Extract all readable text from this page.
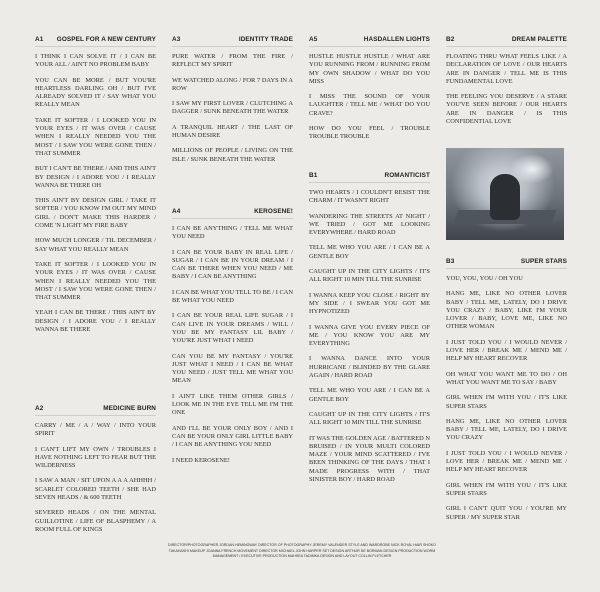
A1 GOSPEL FOR A NEW CENTURY

I THINK I CAN SOLVE IT / I CAN BE YOUR ALL / AIN'T NO PROBLEM BABY

YOU CAN BE MORE / BUT YOU'RE HEARTLESS DARLING OH / BUT I'VE ALREADY SOLVED IT / SAY WHAT YOU REALLY MEAN

TAKE IT SOFTER / I LOOKED YOU IN YOUR EYES / IT WAS OVER / CAUSE WHEN I REALLY NEEDED YOU THE MOST / I SAW YOU WERE GONE THEN / THAT SUMMER

BUT I CAN'T BE THERE / AND THIS AIN'T BY DESIGN / I ADORE YOU / I REALLY WANNA BE THERE OH

THIS AIN'T BY DESIGN GIRL / TAKE IT SOFTER / YOU KNOW I'M OUT MY MIND GIRL / DON'T MAKE THIS HARDER / COME 'N LIGHT MY FIRE BABY

HOW MUCH LONGER / TIL DECEMBER / SAY WHAT YOU REALLY MEAN

TAKE IT SOFTER / I LOOKED YOU IN YOUR EYES / IT WAS OVER / CAUSE WHEN I REALLY NEEDED YOU THE MOST / I SAW YOU WERE GONE THEN / THAT SUMMER

YEAH I CAN BE THERE / THIS AIN'T BY DESIGN / I ADORE YOU / I REALLY WANNA BE THERE

A2	MEDICINE BURN

CARRY / ME / A / WAY / INTO YOUR SPIRIT

I CAN'T LIFT MY OWN / TROUBLES I HAVE NOTHING LEFT TO FEAR BUT THE WILDERNESS

I SAW A MAN / SIT UPON A A A AHHHH / SCARLET COLORED TEETH / SHE HAD SEVEN HEADS / & 600 TEETH

SEVERED HEADS / ON THE MENTAL GUILLOTINE / LIFE OF BLASPHEMY / A ROOM FULL OF KINGS

A3	IDENTITY TRADE

PURE WATER / FROM THE FIRE / REFLECT MY SPIRIT

WE WATCHED ALONG / FOR 7 DAYS IN A ROW

I SAW MY FIRST LOVER / CLUTCHING A DAGGER / SUNK BENEATH THE WATER

A TRANQUIL HEART / THE LAST OF HUMAN DESIRE

MILLIONS OF PEOPLE / LIVING ON THE ISLE / SUNK BENEATH THE WATER

A4	KEROSENE!

I CAN BE ANYTHING / TELL ME WHAT YOU NEED

I CAN BE YOUR BABY IN REAL LIFE / SUGAR / I CAN BE IN YOUR DREAM / I CAN BE THERE WHEN YOU NEED / ME BABY / I CAN BE ANYTHING

I CAN BE WHAT YOU TELL TO BE / I CAN BE WHAT YOU NEED

I CAN BE YOUR REAL LIFE SUGAR / I CAN LIVE IN YOUR DREAMS / WILL / YOU BE MY FANTASY LIL BABY / YOU'RE JUST WHAT I NEED

CAN YOU BE MY FANTASY / YOU'RE JUST WHAT I NEED / I CAN BE WHAT YOU NEED / JUST TELL ME WHAT YOU MEAN

I AIN'T LIKE THEM OTHER GIRLS / LOOK ME IN THE EYE TELL ME I'M THE ONE

AND I'LL BE YOUR ONLY BOY / AND I CAN BE YOUR ONLY GIRL LITTLE BABY / I CAN BE ANYTHING YOU NEED

I NEED KEROSENE!

A5	HASDALLEN LIGHTS

HUSTLE HUSTLE HUSTLE / WHAT ARE YOU RUNNING FROM / RUNNING FROM MY OWN SHADOW / WHAT DO YOU MISS

I MISS THE SOUND OF YOUR LAUGHTER / TELL ME / WHAT DO YOU CRAVE?

HOW DO YOU FEEL / TROUBLE TROUBLE TROUBLE

B1	ROMANTICIST

TWO HEARTS / I COULDN'T RESIST THE CHARM / IT WASN'T RIGHT

WANDERING THE STREETS AT NIGHT / WE TRIED / GOT ME LOOKING EVERYWHERE / HARD ROAD

TELL ME WHO YOU ARE / I CAN BE A GENTLE BOY

CAUGHT UP IN THE CITY LIGHTS / IT'S ALL RIGHT 10 MIN TILL THE SUNRISE

I WANNA KEEP YOU CLOSE / RIGHT BY MY SIDE / I SWEAR YOU GOT ME HYPNOTIZED

I WANNA GIVE YOU EVERY PIECE OF ME / YOU KNOW YOU ARE MY EVERYTHING

I WANNA DANCE INTO YOUR HURRICANE / BLINDED BY THE GLARE AGAIN / HARD ROAD

TELL ME WHO YOU ARE / I CAN BE A GENTLE BOY

CAUGHT UP IN THE CITY LIGHTS / IT'S ALL RIGHT 10 MIN TILL THE SUNRISE

IT WAS THE GOLDEN AGE / BATTERED N BRUISED / IN YOUR MULTI COLORED MAZE / YOUR MIND SCATTERED / I'VE BEEN THINKING OF THE DAYS / THAT I MADE PROGRESS WITH / THAT SINISTER BOY / HARD ROAD

B2	DREAM PALETTE

FLOATING THRU WHAT FEELS LIKE / A DECLARATION OF LOVE / OUR HEARTS ARE IN DANGER / TELL ME IS THIS FUNDAMENTAL LOVE

THE FEELING YOU DESERVE / A STARE YOU'VE SEEN BEFORE / OUR HEARTS ARE IN DANGER / IS THIS CONFIDENTIAL LOVE

B3	SUPER STARS

YOU, YOU, YOU / OH YOU

HANG ME, LIKE NO OTHER LOVER BABY / TELL ME, LATELY, DO I DRIVE YOU CRAZY / BABY, LIKE I'M YOUR LOVER / BABY, LOVE ME, LIKE NO OTHER WOMAN

I JUST TOLD YOU / I WOULD NEVER / LOVE HER / BREAK ME / MEND ME / HELP MY HEART RECOVER

OH WHAT YOU WANT ME TO DO / OH WHAT YOU WANT ME TO SAY / BABY

GIRL WHEN I'M WITH YOU / IT'S LIKE SUPER STARS

HANG ME, LIKE NO OTHER LOVER BABY / TELL ME, LATELY, DO I DRIVE YOU CRAZY

I JUST TOLD YOU / I WOULD NEVER / LOVE HER / BREAK ME / MEND ME / HELP MY HEART RECOVER

GIRL WHEN I'M WITH YOU / IT'S LIKE SUPER STARS

GIRL I CAN'T QUIT YOU / YOU'RE MY SUPER / MY SUPER STAR

DIRECTOR/PHOTOGRAPHER JORDAN HEMINGWAY DIRECTOR OF PHOTOGRAPHY JEREMY VALENDER STYLE AND WARDROBE NICK ROYAL HAIR SHOKO TAKAHASHI MAKEUP JOANNA FRENCH MOVEMENT DIRECTOR MICHAEL JOHN HARPER SET DESIGN ARTHUR DE BORMAN DESIGN PRODUCTION WORM MANAGEMENT / EXECUTIVE PRODUCTION MAHSEA TADIMKA DESIGN AND LAYOUT COLLIN FLETCHER
